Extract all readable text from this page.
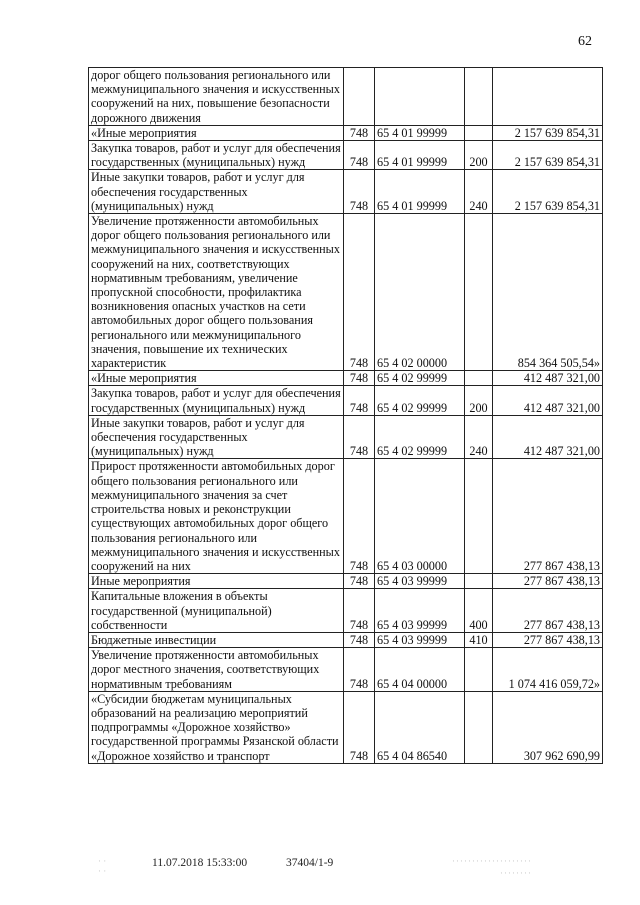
62
дорог общего пользования регионального или межмуниципального значения и искусственных сооружений на них, повышение безопасности дорожного движения				
«Иные мероприятия	748	65 4 01 99999		2 157 639 854,31
Закупка товаров, работ и услуг для обеспечения государственных (муниципальных) нужд	748	65 4 01 99999	200	2 157 639 854,31
Иные закупки товаров, работ и услуг для обеспечения государственных (муниципальных) нужд	748	65 4 01 99999	240	2 157 639 854,31
Увеличение протяженности автомобильных дорог общего пользования регионального или межмуниципального значения и искусственных сооружений на них, соответствующих нормативным требованиям, увеличение пропускной способности, профилактика возникновения опасных участков на сети автомобильных дорог общего пользования регионального или межмуниципального значения, повышение их технических характеристик	748	65 4 02 00000		854 364 505,54»
«Иные мероприятия	748	65 4 02 99999		412 487 321,00
Закупка товаров, работ и услуг для обеспечения государственных (муниципальных) нужд	748	65 4 02 99999	200	412 487 321,00
Иные закупки товаров, работ и услуг для обеспечения государственных (муниципальных) нужд	748	65 4 02 99999	240	412 487 321,00
Прирост протяженности автомобильных дорог общего пользования регионального или межмуниципального значения за счет строительства новых и реконструкции существующих автомобильных дорог общего пользования регионального или межмуниципального значения и искусственных сооружений на них	748	65 4 03 00000		277 867 438,13
Иные мероприятия	748	65 4 03 99999		277 867 438,13
Капитальные вложения в объекты государственной (муниципальной) собственности	748	65 4 03 99999	400	277 867 438,13
Бюджетные инвестиции	748	65 4 03 99999	410	277 867 438,13
Увеличение протяженности автомобильных дорог местного значения, соответствующих нормативным требованиям	748	65 4 04 00000		1 074 416 059,72»
«Субсидии бюджетам муниципальных образований на реализацию мероприятий подпрограммы «Дорожное хозяйство» государственной программы Рязанской области «Дорожное хозяйство и транспорт	748	65 4 04 86540		307 962 690,99
· ·
· ·
11.07.2018 15:33:00	37404/1-9	····················
········
